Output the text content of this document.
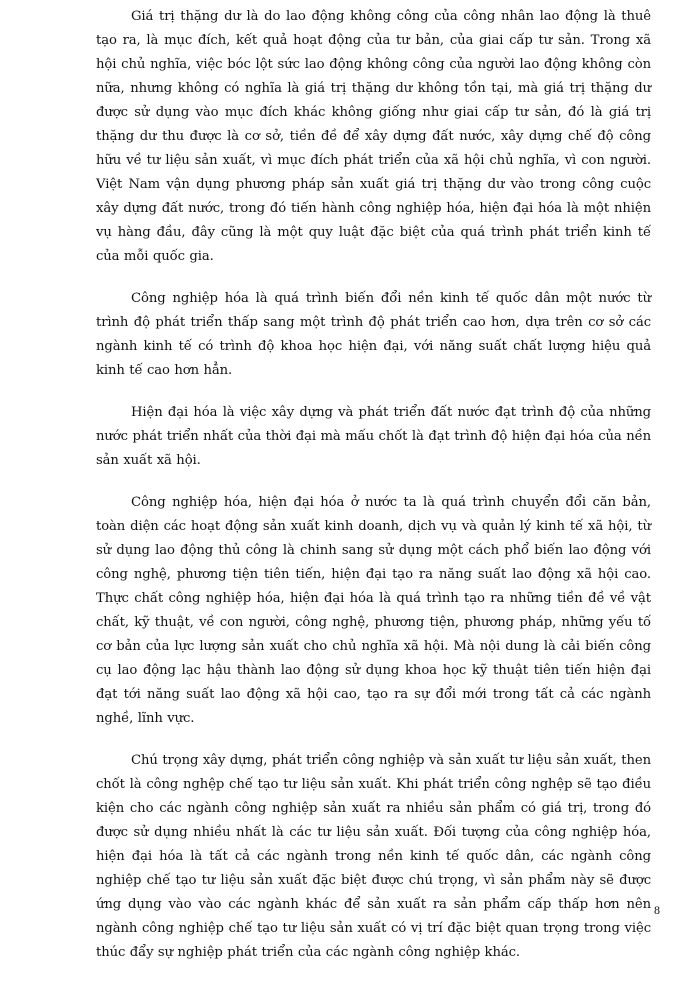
Giá trị thặng dư là do lao động không công của công nhân lao động là thuê tạo ra, là mục đích, kết quả hoạt động của tư bản, của giai cấp tư sản. Trong xã hội chủ nghĩa, việc bóc lột sức lao động không công của người lao động không còn nữa, nhưng không có nghĩa là giá trị thặng dư không tồn tại, mà giá trị thặng dư được sử dụng vào mục đích khác không giống như giai cấp tư sản, đó là giá trị thặng dư thu được là cơ sở, tiền đề để xây dựng đất nước, xây dựng chế độ công hữu về tư liệu sản xuất, vì mục đích phát triển của xã hội chủ nghĩa, vì con người. Việt Nam vận dụng phương pháp sản xuất giá trị thặng dư vào trong công cuộc xây dựng đất nước, trong đó tiến hành công nghiệp hóa, hiện đại hóa là một nhiện vụ hàng đầu, đây cũng là một quy luật đặc biệt của quá trình phát triển kinh tế của mỗi quốc gia.

Công nghiệp hóa là quá trình biến đổi nền kinh tế quốc dân một nước từ trình độ phát triển thấp sang một trình độ phát triển cao hơn, dựa trên cơ sở các ngành kinh tế có trình độ khoa học hiện đại, với năng suất chất lượng hiệu quả kinh tế cao hơn hẳn.

Hiện đại hóa là việc xây dựng và phát triển đất nước đạt trình độ của những nước phát triển nhất của thời đại mà mấu chốt là đạt trình độ hiện đại hóa của nền sản xuất xã hội.

Công nghiệp hóa, hiện đại hóa ở nước ta là quá trình chuyển đổi căn bản, toàn diện các hoạt động sản xuất kinh doanh, dịch vụ và quản lý kinh tế xã hội, từ sử dụng lao động thủ công là chinh sang sử dụng một cách phổ biến lao động với công nghệ, phương tiện tiên tiến, hiện đại tạo ra năng suất lao động xã hội cao. Thực chất công nghiệp hóa, hiện đại hóa là quá trình tạo ra những tiền đề về vật chất, kỹ thuật, về con người, công nghệ, phương tiện, phương pháp, những yếu tố cơ bản của lực lượng sản xuất cho chủ nghĩa xã hội. Mà nội dung là cải biến công cụ lao động lạc hậu thành lao động sử dụng khoa học kỹ thuật tiên tiến hiện đại đạt tới năng suất lao động xã hội cao, tạo ra sự đổi mới trong tất cả các ngành nghề, lĩnh vực.

Chú trọng xây dựng, phát triển công nghiệp và sản xuất tư liệu sản xuất, then chốt là công nghệp chế tạo tư liệu sản xuất. Khi phát triển công nghệp sẽ tạo điều kiện cho các ngành công nghiệp sản xuất ra nhiều sản phẩm có giá trị, trong đó được sử dụng nhiều nhất là các tư liệu sản xuất. Đối tượng của công nghiệp hóa, hiện đại hóa là tất cả các ngành trong nền kinh tế quốc dân, các ngành công nghiệp chế tạo tư liệu sản xuất đặc biệt được chú trọng, vì sản phẩm này sẽ được ứng dụng vào vào các ngành khác để sản xuất ra sản phẩm cấp thấp hơn nên ngành công nghiệp chế tạo tư liệu sản xuất có vị trí đặc biệt quan trọng trong việc thúc đẩy sự nghiệp phát triển của các ngành công nghiệp khác.

8
